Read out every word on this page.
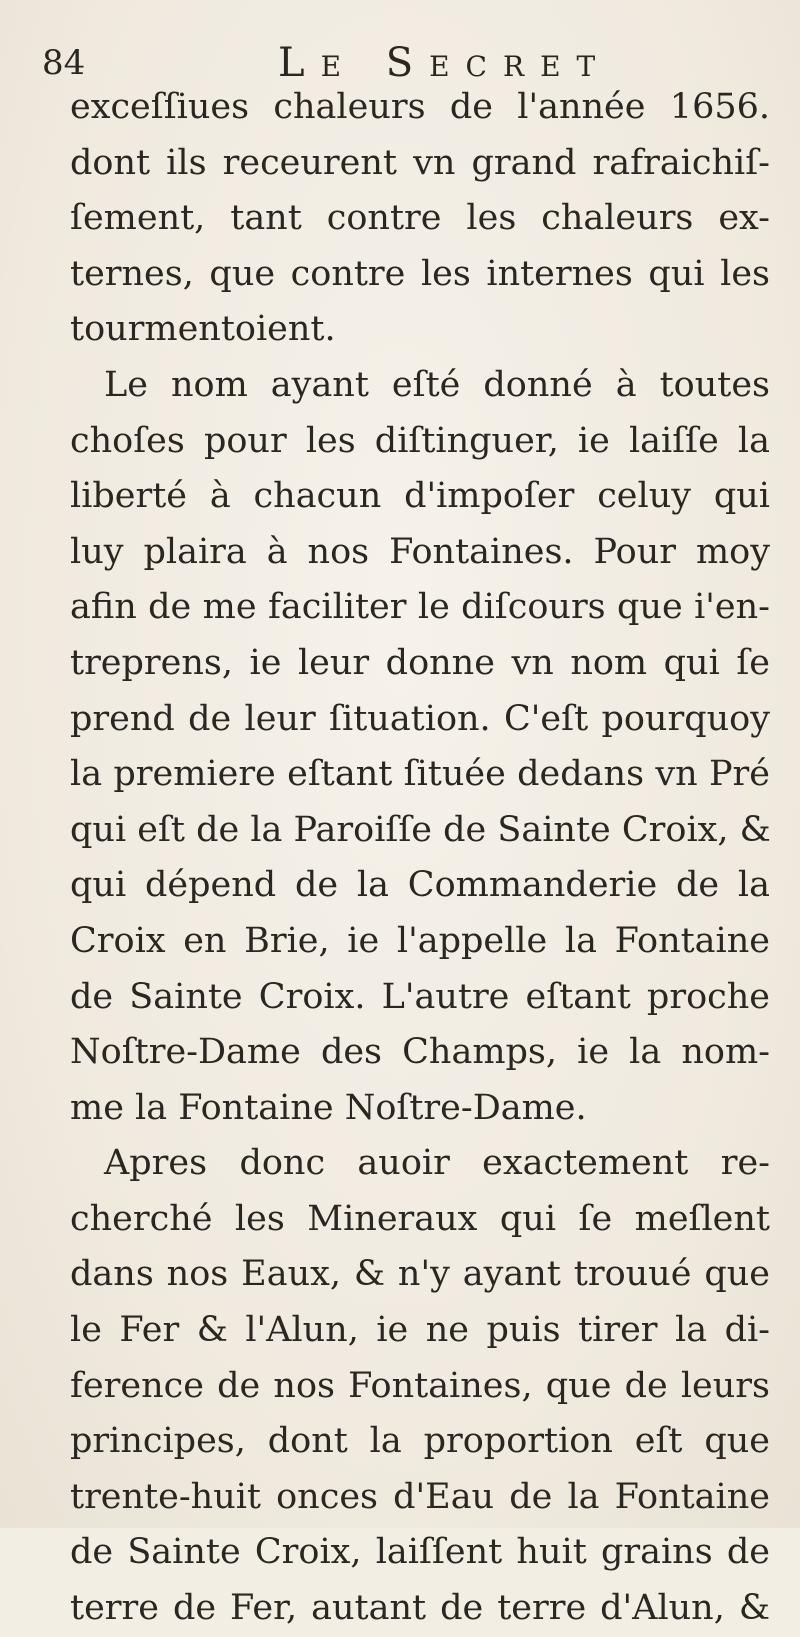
84	Le Secret
exceſſiues chaleurs de l'année 1656.
dont ils receurent vn grand rafraichiſ-
ſement, tant contre les chaleurs ex-
ternes, que contre les internes qui les
tourmentoient.
Le nom ayant eſté donné à toutes
choſes pour les diſtinguer, ie laiſſe la
liberté à chacun d'impoſer celuy qui
luy plaira à nos Fontaines. Pour moy
afin de me faciliter le diſcours que i'en-
treprens, ie leur donne vn nom qui ſe
prend de leur ſituation. C'eſt pourquoy
la premiere eſtant ſituée dedans vn Pré
qui eſt de la Paroiſſe de Sainte Croix, &
qui dépend de la Commanderie de la
Croix en Brie, ie l'appelle la Fontaine
de Sainte Croix. L'autre eſtant proche
Noſtre-Dame des Champs, ie la nom-
me la Fontaine Noſtre-Dame.
Apres donc auoir exactement re-
cherché les Mineraux qui ſe meſlent
dans nos Eaux, & n'y ayant trouué que
le Fer & l'Alun, ie ne puis tirer la di-
ference de nos Fontaines, que de leurs
principes, dont la proportion eſt que
trente-huit onces d'Eau de la Fontaine
de Sainte Croix, laiſſent huit grains de
terre de Fer, autant de terre d'Alun, &
